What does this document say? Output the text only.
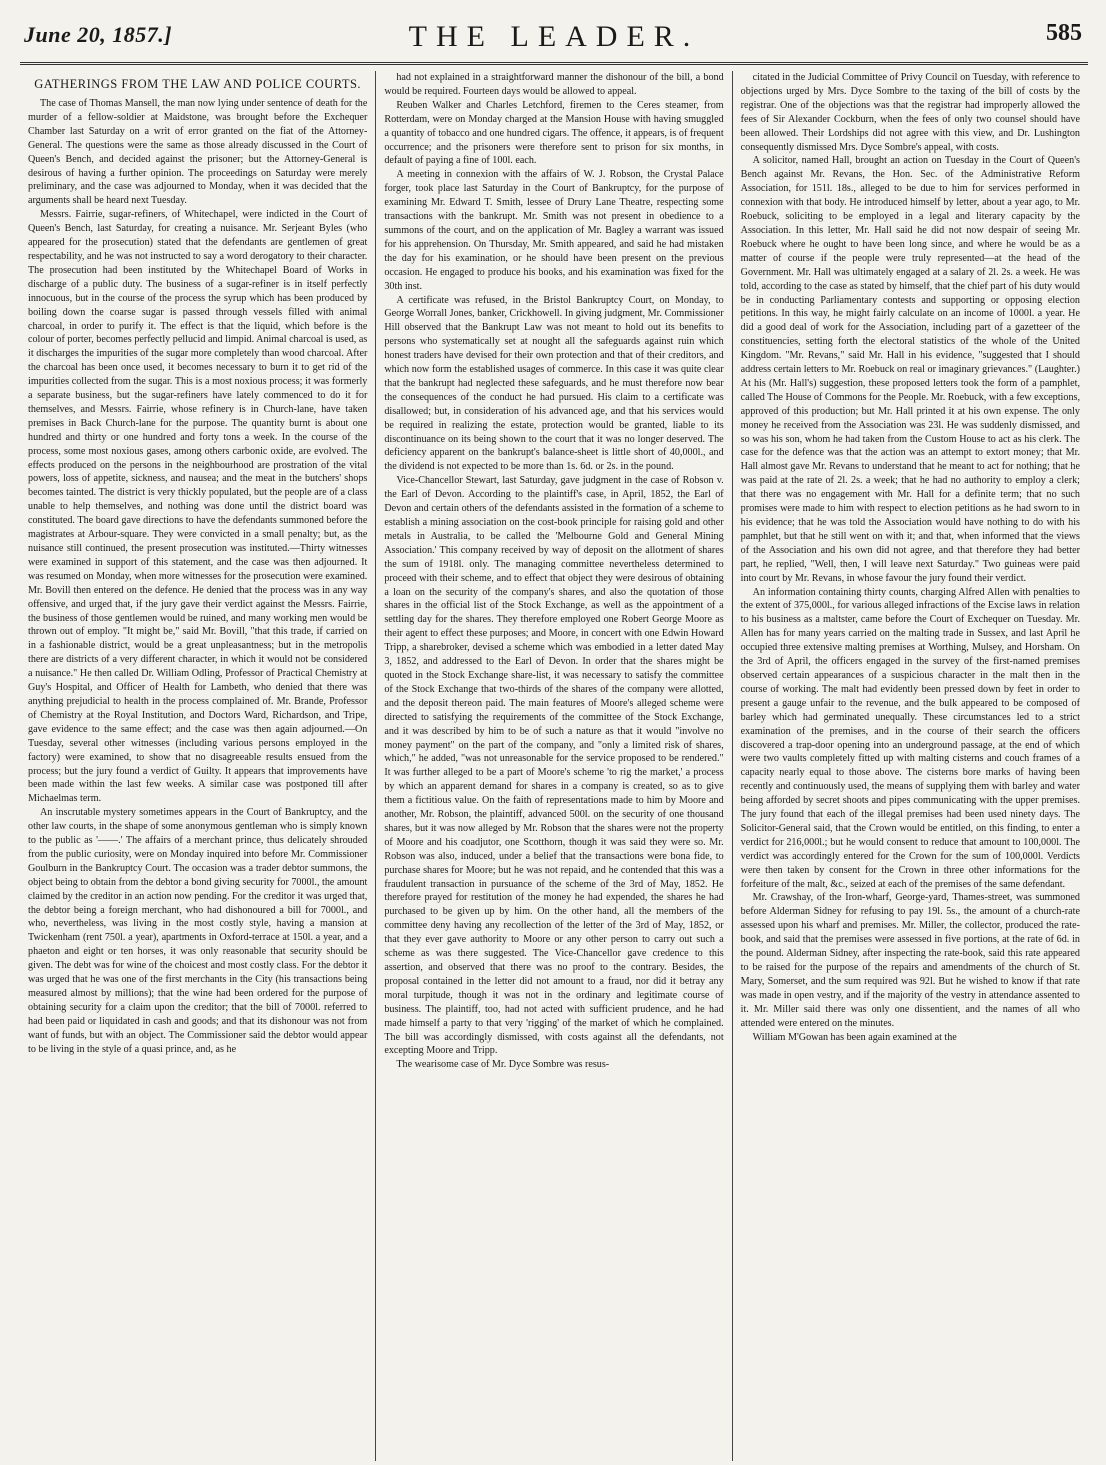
June 20, 1857.]	THE LEADER.	585
GATHERINGS FROM THE LAW AND POLICE COURTS.

The case of Thomas Mansell, the man now lying under sentence of death for the murder of a fellow-soldier at Maidstone, was brought before the Exchequer Chamber last Saturday on a writ of error granted on the fiat of the Attorney-General. The questions were the same as those already discussed in the Court of Queen's Bench, and decided against the prisoner; but the Attorney-General is desirous of having a further opinion. The proceedings on Saturday were merely preliminary, and the case was adjourned to Monday, when it was decided that the arguments shall be heard next Tuesday.

Messrs. Fairrie, sugar-refiners, of Whitechapel, were indicted in the Court of Queen's Bench, last Saturday, for creating a nuisance. Mr. Serjeant Byles (who appeared for the prosecution) stated that the defendants are gentlemen of great respectability, and he was not instructed to say a word derogatory to their character. The prosecution had been instituted by the Whitechapel Board of Works in discharge of a public duty. The business of a sugar-refiner is in itself perfectly innocuous, but in the course of the process the syrup which has been produced by boiling down the coarse sugar is passed through vessels filled with animal charcoal, in order to purify it. The effect is that the liquid, which before is the colour of porter, becomes perfectly pellucid and limpid. Animal charcoal is used, as it discharges the impurities of the sugar more completely than wood charcoal. After the charcoal has been once used, it becomes necessary to burn it to get rid of the impurities collected from the sugar. This is a most noxious process; it was formerly a separate business, but the sugar-refiners have lately commenced to do it for themselves, and Messrs. Fairrie, whose refinery is in Church-lane, have taken premises in Back Church-lane for the purpose. The quantity burnt is about one hundred and thirty or one hundred and forty tons a week. In the course of the process, some most noxious gases, among others carbonic oxide, are evolved. The effects produced on the persons in the neighbourhood are prostration of the vital powers, loss of appetite, sickness, and nausea; and the meat in the butchers' shops becomes tainted. The district is very thickly populated, but the people are of a class unable to help themselves, and nothing was done until the district board was constituted. The board gave directions to have the defendants summoned before the magistrates at Arbour-square. They were convicted in a small penalty; but, as the nuisance still continued, the present prosecution was instituted.—Thirty witnesses were examined in support of this statement, and the case was then adjourned. It was resumed on Monday, when more witnesses for the prosecution were examined. Mr. Bovill then entered on the defence. He denied that the process was in any way offensive, and urged that, if the jury gave their verdict against the Messrs. Fairrie, the business of those gentlemen would be ruined, and many working men would be thrown out of employ. "It might be," said Mr. Bovill, "that this trade, if carried on in a fashionable district, would be a great unpleasantness; but in the metropolis there are districts of a very different character, in which it would not be considered a nuisance." He then called Dr. William Odling, Professor of Practical Chemistry at Guy's Hospital, and Officer of Health for Lambeth, who denied that there was anything prejudicial to health in the process complained of. Mr. Brande, Professor of Chemistry at the Royal Institution, and Doctors Ward, Richardson, and Tripe, gave evidence to the same effect; and the case was then again adjourned.—On Tuesday, several other witnesses (including various persons employed in the factory) were examined, to show that no disagreeable results ensued from the process; but the jury found a verdict of Guilty. It appears that improvements have been made within the last few weeks. A similar case was postponed till after Michaelmas term.

An inscrutable mystery sometimes appears in the Court of Bankruptcy, and the other law courts, in the shape of some anonymous gentleman who is simply known to the public as '——.' The affairs of a merchant prince, thus delicately shrouded from the public curiosity, were on Monday inquired into before Mr. Commissioner Goulburn in the Bankruptcy Court. The occasion was a trader debtor summons, the object being to obtain from the debtor a bond giving security for 7000l., the amount claimed by the creditor in an action now pending. For the creditor it was urged that, the debtor being a foreign merchant, who had dishonoured a bill for 7000l., and who, nevertheless, was living in the most costly style, having a mansion at Twickenham (rent 750l. a year), apartments in Oxford-terrace at 150l. a year, and a phaeton and eight or ten horses, it was only reasonable that security should be given. The debt was for wine of the choicest and most costly class. For the debtor it was urged that he was one of the first merchants in the City (his transactions being measured almost by millions); that the wine had been ordered for the purpose of obtaining security for a claim upon the creditor; that the bill of 7000l. referred to had been paid or liquidated in cash and goods; and that its dishonour was not from want of funds, but with an object. The Commissioner said the debtor would appear to be living in the style of a quasi prince, and, as he

had not explained in a straightforward manner the dishonour of the bill, a bond would be required. Fourteen days would be allowed to appeal.

Reuben Walker and Charles Letchford, firemen to the Ceres steamer, from Rotterdam, were on Monday charged at the Mansion House with having smuggled a quantity of tobacco and one hundred cigars. The offence, it appears, is of frequent occurrence; and the prisoners were therefore sent to prison for six months, in default of paying a fine of 100l. each.

A meeting in connexion with the affairs of W. J. Robson, the Crystal Palace forger, took place last Saturday in the Court of Bankruptcy, for the purpose of examining Mr. Edward T. Smith, lessee of Drury Lane Theatre, respecting some transactions with the bankrupt. Mr. Smith was not present in obedience to a summons of the court, and on the application of Mr. Bagley a warrant was issued for his apprehension. On Thursday, Mr. Smith appeared, and said he had mistaken the day for his examination, or he should have been present on the previous occasion. He engaged to produce his books, and his examination was fixed for the 30th inst.

A certificate was refused, in the Bristol Bankruptcy Court, on Monday, to George Worrall Jones, banker, Crickhowell. In giving judgment, Mr. Commissioner Hill observed that the Bankrupt Law was not meant to hold out its benefits to persons who systematically set at nought all the safeguards against ruin which honest traders have devised for their own protection and that of their creditors, and which now form the established usages of commerce. In this case it was quite clear that the bankrupt had neglected these safeguards, and he must therefore now bear the consequences of the conduct he had pursued. His claim to a certificate was disallowed; but, in consideration of his advanced age, and that his services would be required in realizing the estate, protection would be granted, liable to its discontinuance on its being shown to the court that it was no longer deserved. The deficiency apparent on the bankrupt's balance-sheet is little short of 40,000l., and the dividend is not expected to be more than 1s. 6d. or 2s. in the pound.

Vice-Chancellor Stewart, last Saturday, gave judgment in the case of Robson v. the Earl of Devon. According to the plaintiff's case, in April, 1852, the Earl of Devon and certain others of the defendants assisted in the formation of a scheme to establish a mining association on the cost-book principle for raising gold and other metals in Australia, to be called the 'Melbourne Gold and General Mining Association.' This company received by way of deposit on the allotment of shares the sum of 1918l. only. The managing committee nevertheless determined to proceed with their scheme, and to effect that object they were desirous of obtaining a loan on the security of the company's shares, and also the quotation of those shares in the official list of the Stock Exchange, as well as the appointment of a settling day for the shares. They therefore employed one Robert George Moore as their agent to effect these purposes; and Moore, in concert with one Edwin Howard Tripp, a sharebroker, devised a scheme which was embodied in a letter dated May 3, 1852, and addressed to the Earl of Devon. In order that the shares might be quoted in the Stock Exchange share-list, it was necessary to satisfy the committee of the Stock Exchange that two-thirds of the shares of the company were allotted, and the deposit thereon paid. The main features of Moore's alleged scheme were directed to satisfying the requirements of the committee of the Stock Exchange, and it was described by him to be of such a nature as that it would "involve no money payment" on the part of the company, and "only a limited risk of shares, which," he added, "was not unreasonable for the service proposed to be rendered." It was further alleged to be a part of Moore's scheme 'to rig the market,' a process by which an apparent demand for shares in a company is created, so as to give them a fictitious value. On the faith of representations made to him by Moore and another, Mr. Robson, the plaintiff, advanced 500l. on the security of one thousand shares, but it was now alleged by Mr. Robson that the shares were not the property of Moore and his coadjutor, one Scotthorn, though it was said they were so. Mr. Robson was also, induced, under a belief that the transactions were bona fide, to purchase shares for Moore; but he was not repaid, and he contended that this was a fraudulent transaction in pursuance of the scheme of the 3rd of May, 1852. He therefore prayed for restitution of the money he had expended, the shares he had purchased to be given up by him. On the other hand, all the members of the committee deny having any recollection of the letter of the 3rd of May, 1852, or that they ever gave authority to Moore or any other person to carry out such a scheme as was there suggested. The Vice-Chancellor gave credence to this assertion, and observed that there was no proof to the contrary. Besides, the proposal contained in the letter did not amount to a fraud, nor did it betray any moral turpitude, though it was not in the ordinary and legitimate course of business. The plaintiff, too, had not acted with sufficient prudence, and he had made himself a party to that very 'rigging' of the market of which he complained. The bill was accordingly dismissed, with costs against all the defendants, not excepting Moore and Tripp.

The wearisome case of Mr. Dyce Sombre was resus-

citated in the Judicial Committee of Privy Council on Tuesday, with reference to objections urged by Mrs. Dyce Sombre to the taxing of the bill of costs by the registrar. One of the objections was that the registrar had improperly allowed the fees of Sir Alexander Cockburn, when the fees of only two counsel should have been allowed. Their Lordships did not agree with this view, and Dr. Lushington consequently dismissed Mrs. Dyce Sombre's appeal, with costs.

A solicitor, named Hall, brought an action on Tuesday in the Court of Queen's Bench against Mr. Revans, the Hon. Sec. of the Administrative Reform Association, for 151l. 18s., alleged to be due to him for services performed in connexion with that body. He introduced himself by letter, about a year ago, to Mr. Roebuck, soliciting to be employed in a legal and literary capacity by the Association. In this letter, Mr. Hall said he did not now despair of seeing Mr. Roebuck where he ought to have been long since, and where he would be as a matter of course if the people were truly represented—at the head of the Government. Mr. Hall was ultimately engaged at a salary of 2l. 2s. a week. He was told, according to the case as stated by himself, that the chief part of his duty would be in conducting Parliamentary contests and supporting or opposing election petitions. In this way, he might fairly calculate on an income of 1000l. a year. He did a good deal of work for the Association, including part of a gazetteer of the constituencies, setting forth the electoral statistics of the whole of the United Kingdom. "Mr. Revans," said Mr. Hall in his evidence, "suggested that I should address certain letters to Mr. Roebuck on real or imaginary grievances." (Laughter.) At his (Mr. Hall's) suggestion, these proposed letters took the form of a pamphlet, called The House of Commons for the People. Mr. Roebuck, with a few exceptions, approved of this production; but Mr. Hall printed it at his own expense. The only money he received from the Association was 23l. He was suddenly dismissed, and so was his son, whom he had taken from the Custom House to act as his clerk. The case for the defence was that the action was an attempt to extort money; that Mr. Hall almost gave Mr. Revans to understand that he meant to act for nothing; that he was paid at the rate of 2l. 2s. a week; that he had no authority to employ a clerk; that there was no engagement with Mr. Hall for a definite term; that no such promises were made to him with respect to election petitions as he had sworn to in his evidence; that he was told the Association would have nothing to do with his pamphlet, but that he still went on with it; and that, when informed that the views of the Association and his own did not agree, and that therefore they had better part, he replied, "Well, then, I will leave next Saturday." Two guineas were paid into court by Mr. Revans, in whose favour the jury found their verdict.

An information containing thirty counts, charging Alfred Allen with penalties to the extent of 375,000l., for various alleged infractions of the Excise laws in relation to his business as a maltster, came before the Court of Exchequer on Tuesday. Mr. Allen has for many years carried on the malting trade in Sussex, and last April he occupied three extensive malting premises at Worthing, Mulsey, and Horsham. On the 3rd of April, the officers engaged in the survey of the first-named premises observed certain appearances of a suspicious character in the malt then in the course of working. The malt had evidently been pressed down by feet in order to present a gauge unfair to the revenue, and the bulk appeared to be composed of barley which had germinated unequally. These circumstances led to a strict examination of the premises, and in the course of their search the officers discovered a trap-door opening into an underground passage, at the end of which were two vaults completely fitted up with malting cisterns and couch frames of a capacity nearly equal to those above. The cisterns bore marks of having been recently and continuously used, the means of supplying them with barley and water being afforded by secret shoots and pipes communicating with the upper premises. The jury found that each of the illegal premises had been used ninety days. The Solicitor-General said, that the Crown would be entitled, on this finding, to enter a verdict for 216,000l.; but he would consent to reduce that amount to 100,000l. The verdict was accordingly entered for the Crown for the sum of 100,000l. Verdicts were then taken by consent for the Crown in three other informations for the forfeiture of the malt, &c., seized at each of the premises of the same defendant.

Mr. Crawshay, of the Iron-wharf, George-yard, Thames-street, was summoned before Alderman Sidney for refusing to pay 19l. 5s., the amount of a church-rate assessed upon his wharf and premises. Mr. Miller, the collector, produced the rate-book, and said that the premises were assessed in five portions, at the rate of 6d. in the pound. Alderman Sidney, after inspecting the rate-book, said this rate appeared to be raised for the purpose of the repairs and amendments of the church of St. Mary, Somerset, and the sum required was 92l. But he wished to know if that rate was made in open vestry, and if the majority of the vestry in attendance assented to it. Mr. Miller said there was only one dissentient, and the names of all who attended were entered on the minutes.

William M'Gowan has been again examined at the
